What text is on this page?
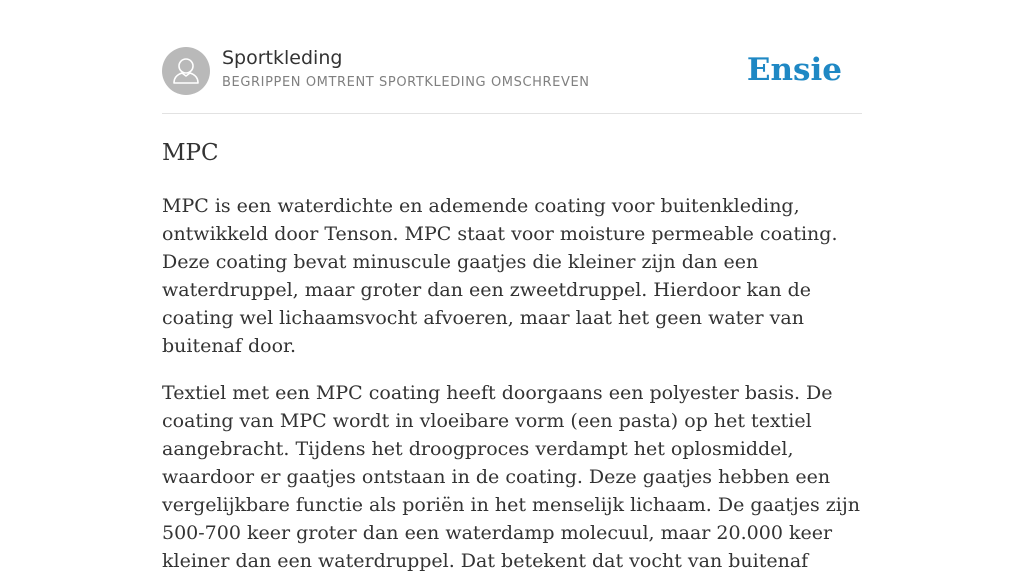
Sportkleding
BEGRIPPEN OMTRENT SPORTKLEDING OMSCHREVEN	Ensie
MPC

MPC is een waterdichte en ademende coating voor buitenkleding, ontwikkeld door Tenson. MPC staat voor moisture permeable coating. Deze coating bevat minuscule gaatjes die kleiner zijn dan een waterdruppel, maar groter dan een zweetdruppel. Hierdoor kan de coating wel lichaamsvocht afvoeren, maar laat het geen water van buitenaf door.

Textiel met een MPC coating heeft doorgaans een polyester basis. De coating van MPC wordt in vloeibare vorm (een pasta) op het textiel aangebracht. Tijdens het droogproces verdampt het oplosmiddel, waardoor er gaatjes ontstaan in de coating. Deze gaatjes hebben een vergelijkbare functie als poriën in het menselijk lichaam. De gaatjes zijn 500-700 keer groter dan een waterdamp molecuul, maar 20.000 keer kleiner dan een waterdruppel. Dat betekent dat vocht van buitenaf
